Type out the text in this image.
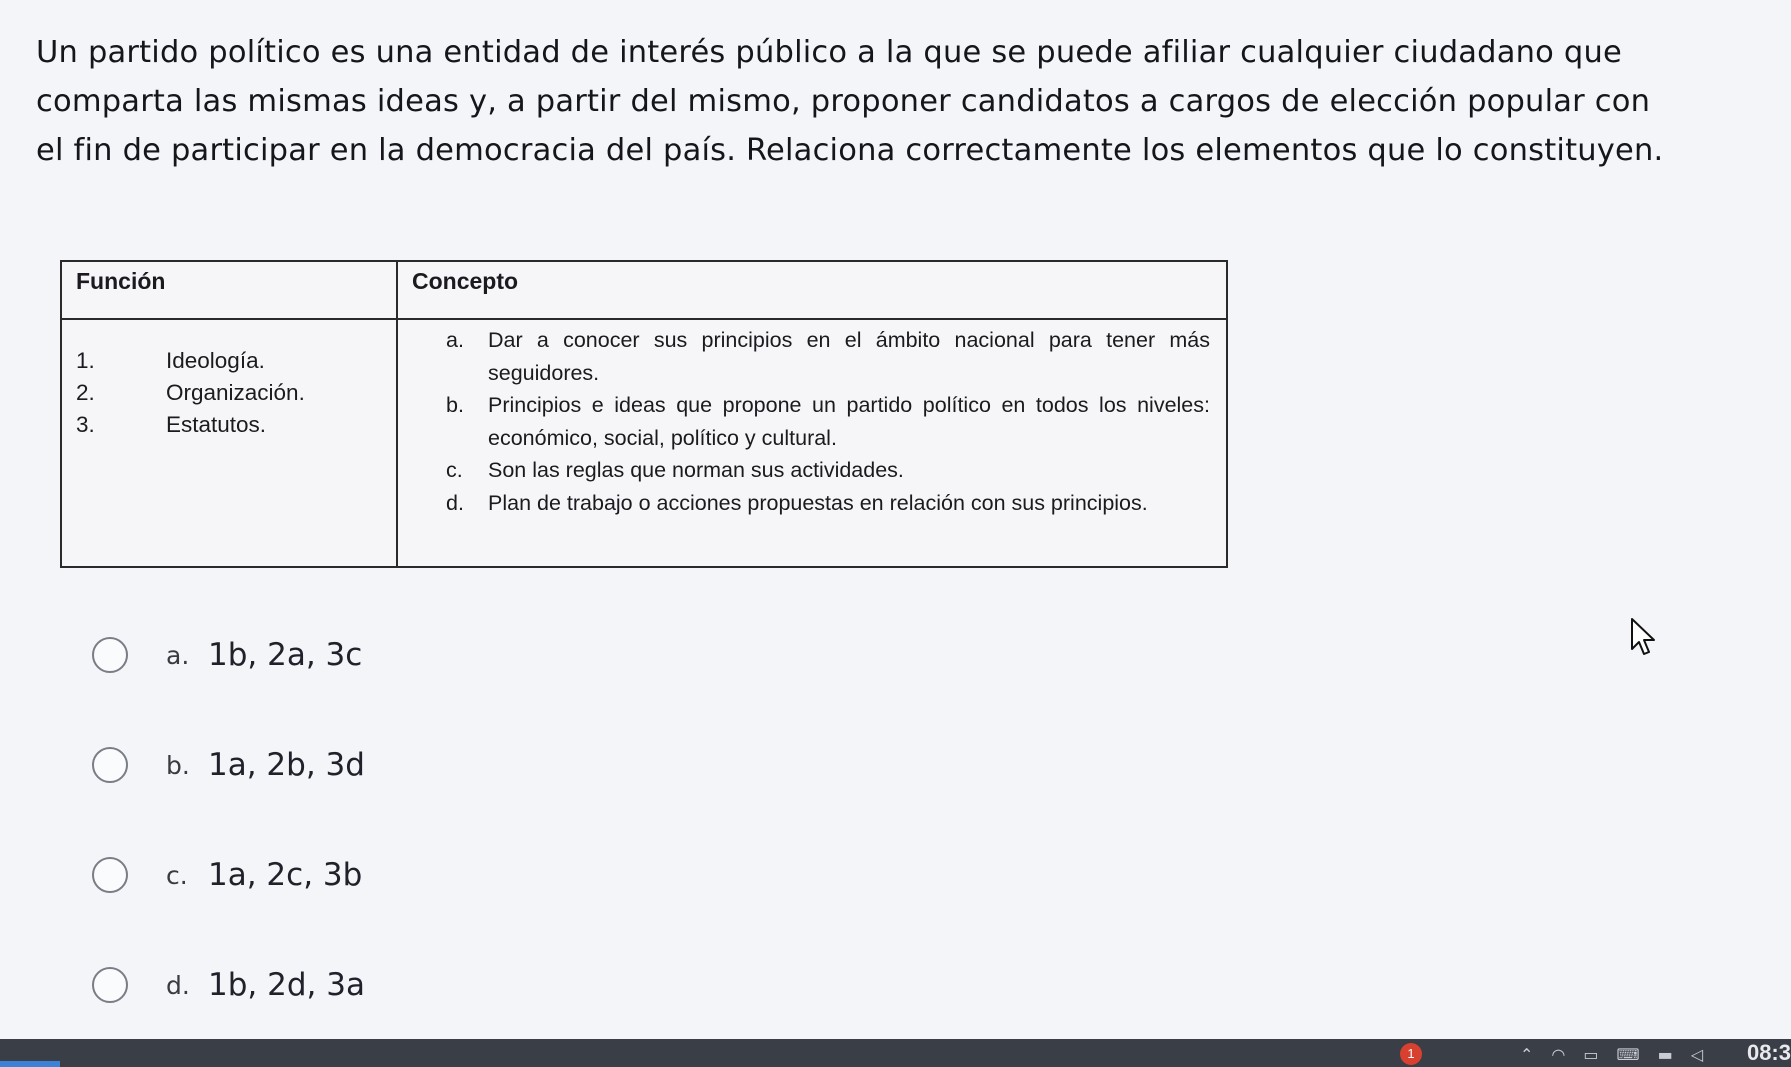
Un partido político es una entidad de interés público a la que se puede afiliar cualquier ciudadano que
comparta las mismas ideas y, a partir del mismo, proponer candidatos a cargos de elección popular con
el fin de participar en la democracia del país. Relaciona correctamente los elementos que lo constituyen.
Función	Concepto
1.	Ideología.
2.	Organización.
3.	Estatutos.
a. Dar a conocer sus principios en el ámbito nacional para tener más seguidores.
b. Principios e ideas que propone un partido político en todos los niveles: económico, social, político y cultural.
c. Son las reglas que norman sus actividades.
d. Plan de trabajo o acciones propuestas en relación con sus principios.
a. 1b, 2a, 3c
b. 1a, 2b, 3d
c. 1a, 2c, 3b
d. 1b, 2d, 3a
1	⌃◠▭⌨▬◁ 08:3
